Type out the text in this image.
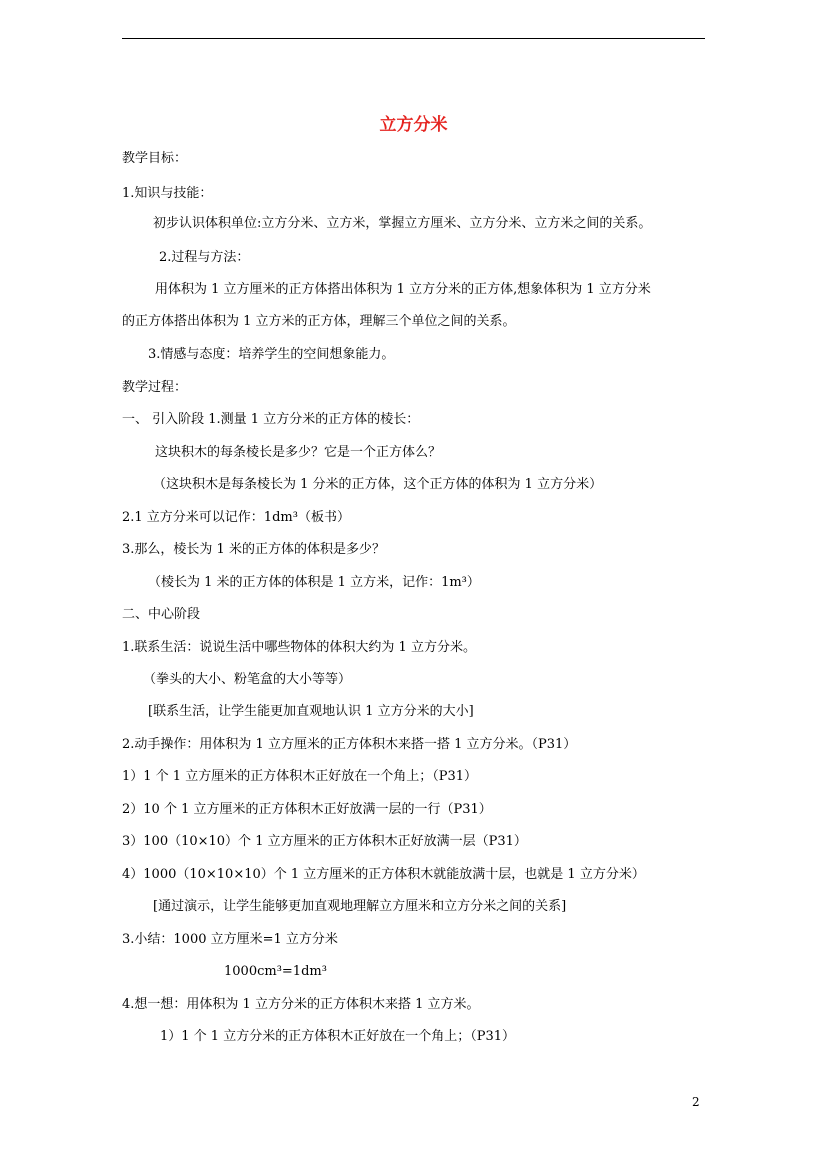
立方分米
教学目标：
1.知识与技能：
初步认识体积单位:立方分米、立方米，掌握立方厘米、立方分米、立方米之间的关系。
2.过程与方法：
用体积为 1 立方厘米的正方体搭出体积为 1 立方分米的正方体,想象体积为 1 立方分米
的正方体搭出体积为 1 立方米的正方体，理解三个单位之间的关系。
3.情感与态度：培养学生的空间想象能力。
教学过程：
一、 引入阶段 1.测量 1 立方分米的正方体的棱长：
这块积木的每条棱长是多少？它是一个正方体么？
（这块积木是每条棱长为 1 分米的正方体，这个正方体的体积为 1 立方分米）
2.1 立方分米可以记作：1dm³（板书）
3.那么，棱长为 1 米的正方体的体积是多少？
（棱长为 1 米的正方体的体积是 1 立方米，记作：1m³）
二、中心阶段
1.联系生活：说说生活中哪些物体的体积大约为 1 立方分米。
（拳头的大小、粉笔盒的大小等等）
[联系生活，让学生能更加直观地认识 1 立方分米的大小]
2.动手操作：用体积为 1 立方厘米的正方体积木来搭一搭 1 立方分米。（P31）
1）1 个 1 立方厘米的正方体积木正好放在一个角上；（P31）
2）10 个 1 立方厘米的正方体积木正好放满一层的一行（P31）
3）100（10×10）个 1 立方厘米的正方体积木正好放满一层（P31）
4）1000（10×10×10）个 1 立方厘米的正方体积木就能放满十层，也就是 1 立方分米）
[通过演示，让学生能够更加直观地理解立方厘米和立方分米之间的关系]
3.小结：1000 立方厘米=1 立方分米
1000cm³=1dm³
4.想一想：用体积为 1 立方分米的正方体积木来搭 1 立方米。
1）1 个 1 立方分米的正方体积木正好放在一个角上；（P31）
2
